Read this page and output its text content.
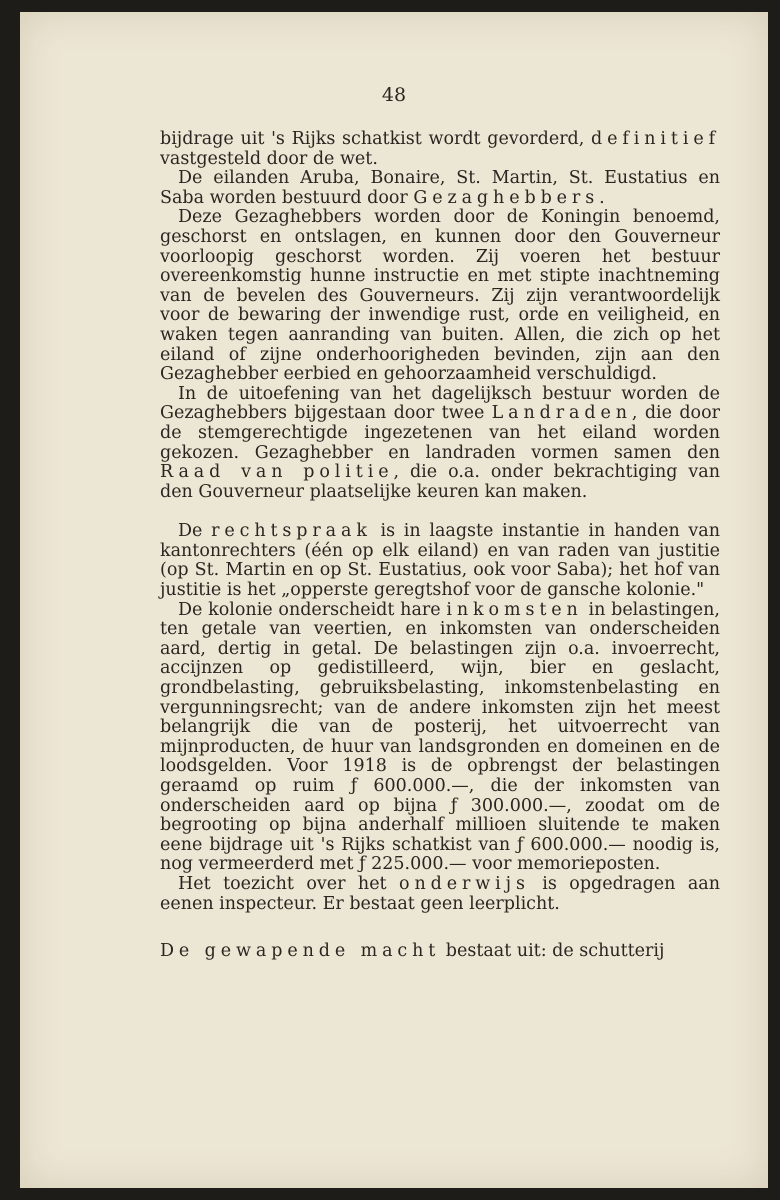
48

bijdrage uit 's Rijks schatkist wordt gevorderd, definitief vastgesteld door de wet.

De eilanden Aruba, Bonaire, St. Martin, St. Eustatius en Saba worden bestuurd door Gezaghebbers.

Deze Gezaghebbers worden door de Koningin benoemd, geschorst en ontslagen, en kunnen door den Gouverneur voorloopig geschorst worden. Zij voeren het bestuur overeenkomstig hunne instructie en met stipte inachtneming van de bevelen des Gouverneurs. Zij zijn verantwoordelijk voor de bewaring der inwendige rust, orde en veiligheid, en waken tegen aanranding van buiten. Allen, die zich op het eiland of zijne onderhoorigheden bevinden, zijn aan den Gezaghebber eerbied en gehoorzaamheid verschuldigd.

In de uitoefening van het dagelijksch bestuur worden de Gezaghebbers bijgestaan door twee Landraden, die door de stemgerechtigde ingezetenen van het eiland worden gekozen. Gezaghebber en landraden vormen samen den Raad van politie, die o.a. onder bekrachtiging van den Gouverneur plaatselijke keuren kan maken.

De rechtspraak is in laagste instantie in handen van kantonrechters (één op elk eiland) en van raden van justitie (op St. Martin en op St. Eustatius, ook voor Saba); het hof van justitie is het „opperste geregtshof voor de gansche kolonie."

De kolonie onderscheidt hare inkomsten in belastingen, ten getale van veertien, en inkomsten van onderscheiden aard, dertig in getal. De belastingen zijn o.a. invoerrecht, accijnzen op gedistilleerd, wijn, bier en geslacht, grondbelasting, gebruiksbelasting, inkomstenbelasting en vergunningsrecht; van de andere inkomsten zijn het meest belangrijk die van de posterij, het uitvoerrecht van mijnproducten, de huur van landsgronden en domeinen en de loodsgelden. Voor 1918 is de opbrengst der belastingen geraamd op ruim ƒ 600.000.—, die der inkomsten van onderscheiden aard op bijna ƒ 300.000.—, zoodat om de begrooting op bijna anderhalf millioen sluitende te maken eene bijdrage uit 's Rijks schatkist van ƒ 600.000.— noodig is, nog vermeerderd met ƒ 225.000.— voor memorieposten.

Het toezicht over het onderwijs is opgedragen aan eenen inspecteur. Er bestaat geen leerplicht.

De gewapende macht bestaat uit: de schutterij
